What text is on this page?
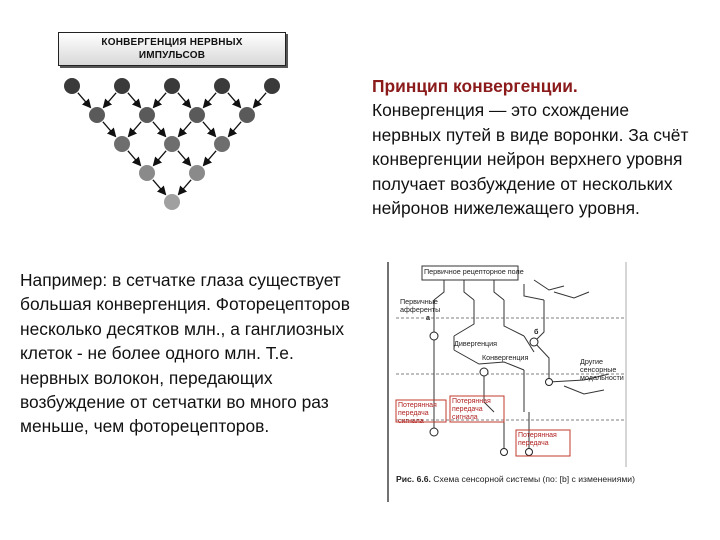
КОНВЕРГЕНЦИЯ НЕРВНЫХ
ИМПУЛЬСОВ
Принцип конвергенции.
Конвергенция — это схождение нервных путей в виде воронки. За счёт конвергенции нейрон верхнего уровня получает возбуждение от нескольких нейронов нижележащего уровня.
Например: в сетчатке глаза существует большая конвергенция. Фоторецепторов несколько десятков млн., а ганглиозных клеток - не более одного млн. Т.е. нервных волокон, передающих возбуждение от сетчатки во много раз меньше, чем фоторецепторов.
Первичное рецепторное поле
Первичные афференты
Дивергенция
Конвергенция	Другие сенсорные модальности
а
б
Потерянная передача сигнала
Потерянная передача сигнала
Потерянная передача
Рис. 6.6. Схема сенсорной системы (по: [b] с изменениями)
